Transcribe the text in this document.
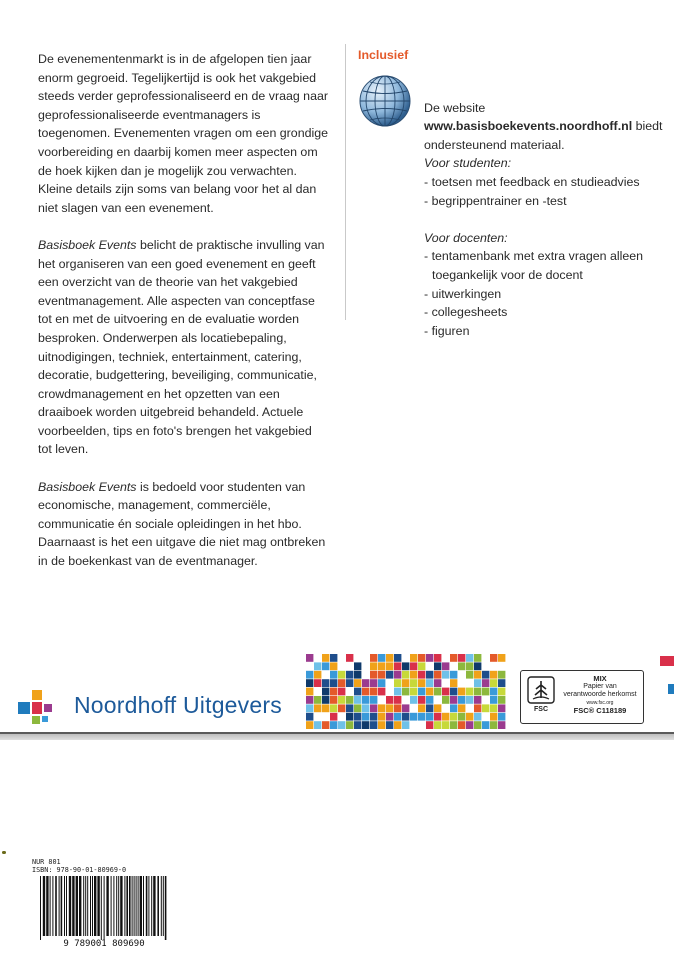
De evenementenmarkt is in de afgelopen tien jaar enorm gegroeid. Tegelijkertijd is ook het vakgebied steeds verder geprofessionaliseerd en de vraag naar geprofessionaliseerde eventmanagers is toegenomen. Evenementen vragen om een grondige voorbereiding en daarbij komen meer aspecten om de hoek kijken dan je mogelijk zou verwachten. Kleine details zijn soms van belang voor het al dan niet slagen van een evenement.

Basisboek Events belicht de praktische invulling van het organiseren van een goed evenement en geeft een overzicht van de theorie van het vakgebied eventmanagement. Alle aspecten van conceptfase tot en met de uitvoering en de evaluatie worden besproken. Onderwerpen als locatiebepaling, uitnodigingen, techniek, entertainment, catering, decoratie, budgettering, beveiliging, communicatie, crowdmanagement en het opzetten van een draaiboek worden uitgebreid behandeld. Actuele voorbeelden, tips en foto's brengen het vakgebied tot leven.

Basisboek Events is bedoeld voor studenten van economische, management, commerciële, communicatie én sociale opleidingen in het hbo. Daarnaast is het een uitgave die niet mag ontbreken in de boekenkast van de eventmanager.

Inclusief
De website www.basisboekevents.noordhoff.nl biedt ondersteunend materiaal.
Voor studenten:
- toetsen met feedback en studieadvies
- begrippentrainer en -test
Voor docenten:
- tentamenbank met extra vragen alleen
toegankelijk voor de docent
- uitwerkingen
- collegesheets
- figuren
Noordhoff Uitgevers	FSC
MIX
Papier van
verantwoorde herkomst
www.fsc.org
FSC® C118189
NUR 801
ISBN: 978-90-01-80969-0
9 789001 809690
